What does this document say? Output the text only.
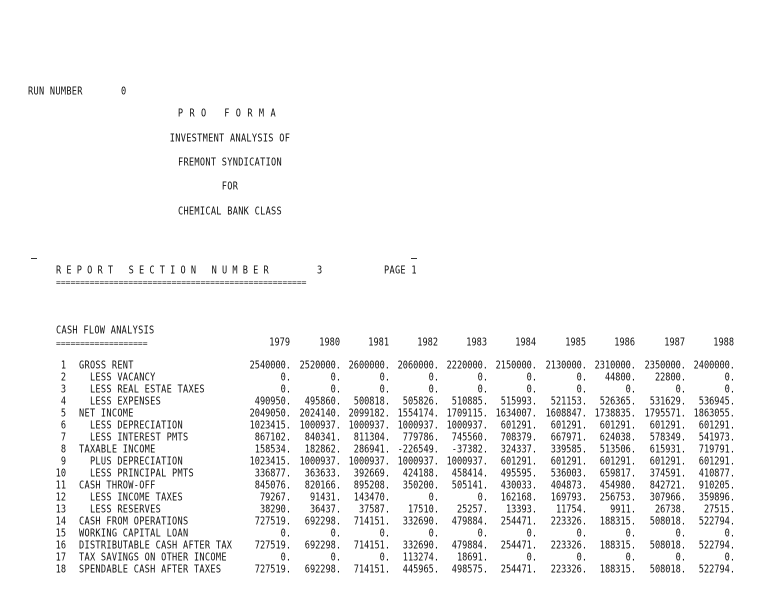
RUN NUMBER	0
PRO FORMA
INVESTMENT ANALYSIS OF
FREMONT SYNDICATION
FOR
CHEMICAL BANK CLASS
REPORT SECTION NUMBER	3	PAGE 1
====================================================
CASH FLOW ANALYSIS
===================	1979	1980	1981	1982	1983	1984	1985	1986	1987	1988
1 GROSS RENT	2540000. 2520000. 2600000. 2060000. 2220000. 2150000. 2130000. 2310000. 2350000. 2400000.
2 LESS VACANCY	0.	0.	0.	0.	0.	0.	0.	44800.	22800.	0.
3 LESS REAL ESTAE TAXES	0.	0.	0.	0.	0.	0.	0.	0.	0.	0.
4 LESS EXPENSES	490950.	495860.	500818.	505826.	510885.	515993.	521153.	526365.	531629.	536945.
5 NET INCOME	2049050. 2024140. 2099182. 1554174. 1709115. 1634007. 1608847. 1738835. 1795571. 1863055.
6 LESS DEPRECIATION	1023415. 1000937. 1000937. 1000937. 1000937.	601291.	601291.	601291.	601291.	601291.
7 LESS INTEREST PMTS	867102.	840341.	811304.	779786.	745560.	708379.	667971.	624038.	578349.	541973.
8 TAXABLE INCOME	158534.	182862.	286941. -226549.	-37382.	324337.	339585.	513506.	615931.	719791.
9 PLUS DEPRECIATION	1023415. 1000937. 1000937. 1000937. 1000937.	601291.	601291.	601291.	601291.	601291.
10 LESS PRINCIPAL PMTS	336877.	363633.	392669.	424188.	458414.	495595.	536003.	659817.	374591.	410877.
11 CASH THROW-OFF	845076.	820166.	895208.	350200.	505141.	430033.	404873.	454980.	842721.	910205.
12 LESS INCOME TAXES	79267.	91431.	143470.	0.	0.	162168.	169793.	256753.	307966.	359896.
13 LESS RESERVES	38290.	36437.	37587.	17510.	25257.	13393.	11754.	9911.	26738.	27515.
14 CASH FROM OPERATIONS	727519.	692298.	714151.	332690.	479884.	254471.	223326.	188315.	508018.	522794.
15 WORKING CAPITAL LOAN	0.	0.	0.	0.	0.	0.	0.	0.	0.	0.
16 DISTRIBUTABLE CASH AFTER TAX	727519.	692298.	714151.	332690.	479884.	254471.	223326.	188315.	508018.	522794.
17 TAX SAVINGS ON OTHER INCOME	0.	0.	0.	113274.	18691.	0.	0.	0.	0.	0.
18 SPENDABLE CASH AFTER TAXES	727519.	692298.	714151.	445965.	498575.	254471.	223326.	188315.	508018.	522794.
